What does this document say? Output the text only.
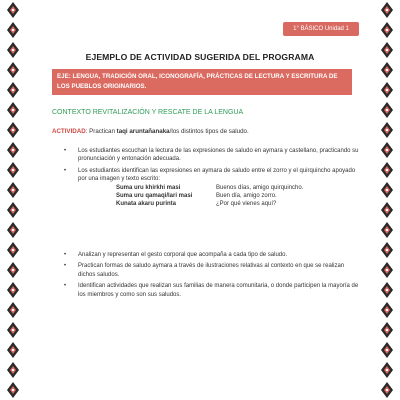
1° BÁSICO Unidad 1
EJEMPLO DE ACTIVIDAD SUGERIDA DEL PROGRAMA
EJE: LENGUA, TRADICIÓN ORAL, ICONOGRAFÍA, PRÁCTICAS DE LECTURA Y ESCRITURA DE LOS PUEBLOS ORIGINARIOS.
CONTEXTO REVITALIZACIÓN Y RESCATE DE LA LENGUA
ACTIVIDAD: Practican taqi aruntañanaka/los distintos tipos de saludo.

• Los estudiantes escuchan la lectura de las expresiones de saludo en aymara y castellano, practicando su pronunciación y entonación adecuada.

• Los estudiantes identifican las expresiones en aymara de saludo entre el zorro y el quirquincho apoyado por una imagen y texto escrito:

Suma uru khirkhi masi	Buenos días, amigo quirquincho.
Suma uru qamaqi/lari masi	Buen día, amigo zorro.
Kunata akaru purinta	¿Por qué vienes aquí?

• Analizan y representan el gesto corporal que acompaña a cada tipo de saludo.

• Practican formas de saludo aymara a través de ilustraciones relativas al contexto en que se realizan dichos saludos.

• Identifican actividades que realizan sus familias de manera comunitaria, o donde participen la mayoría de los miembros y como son sus saludos.
